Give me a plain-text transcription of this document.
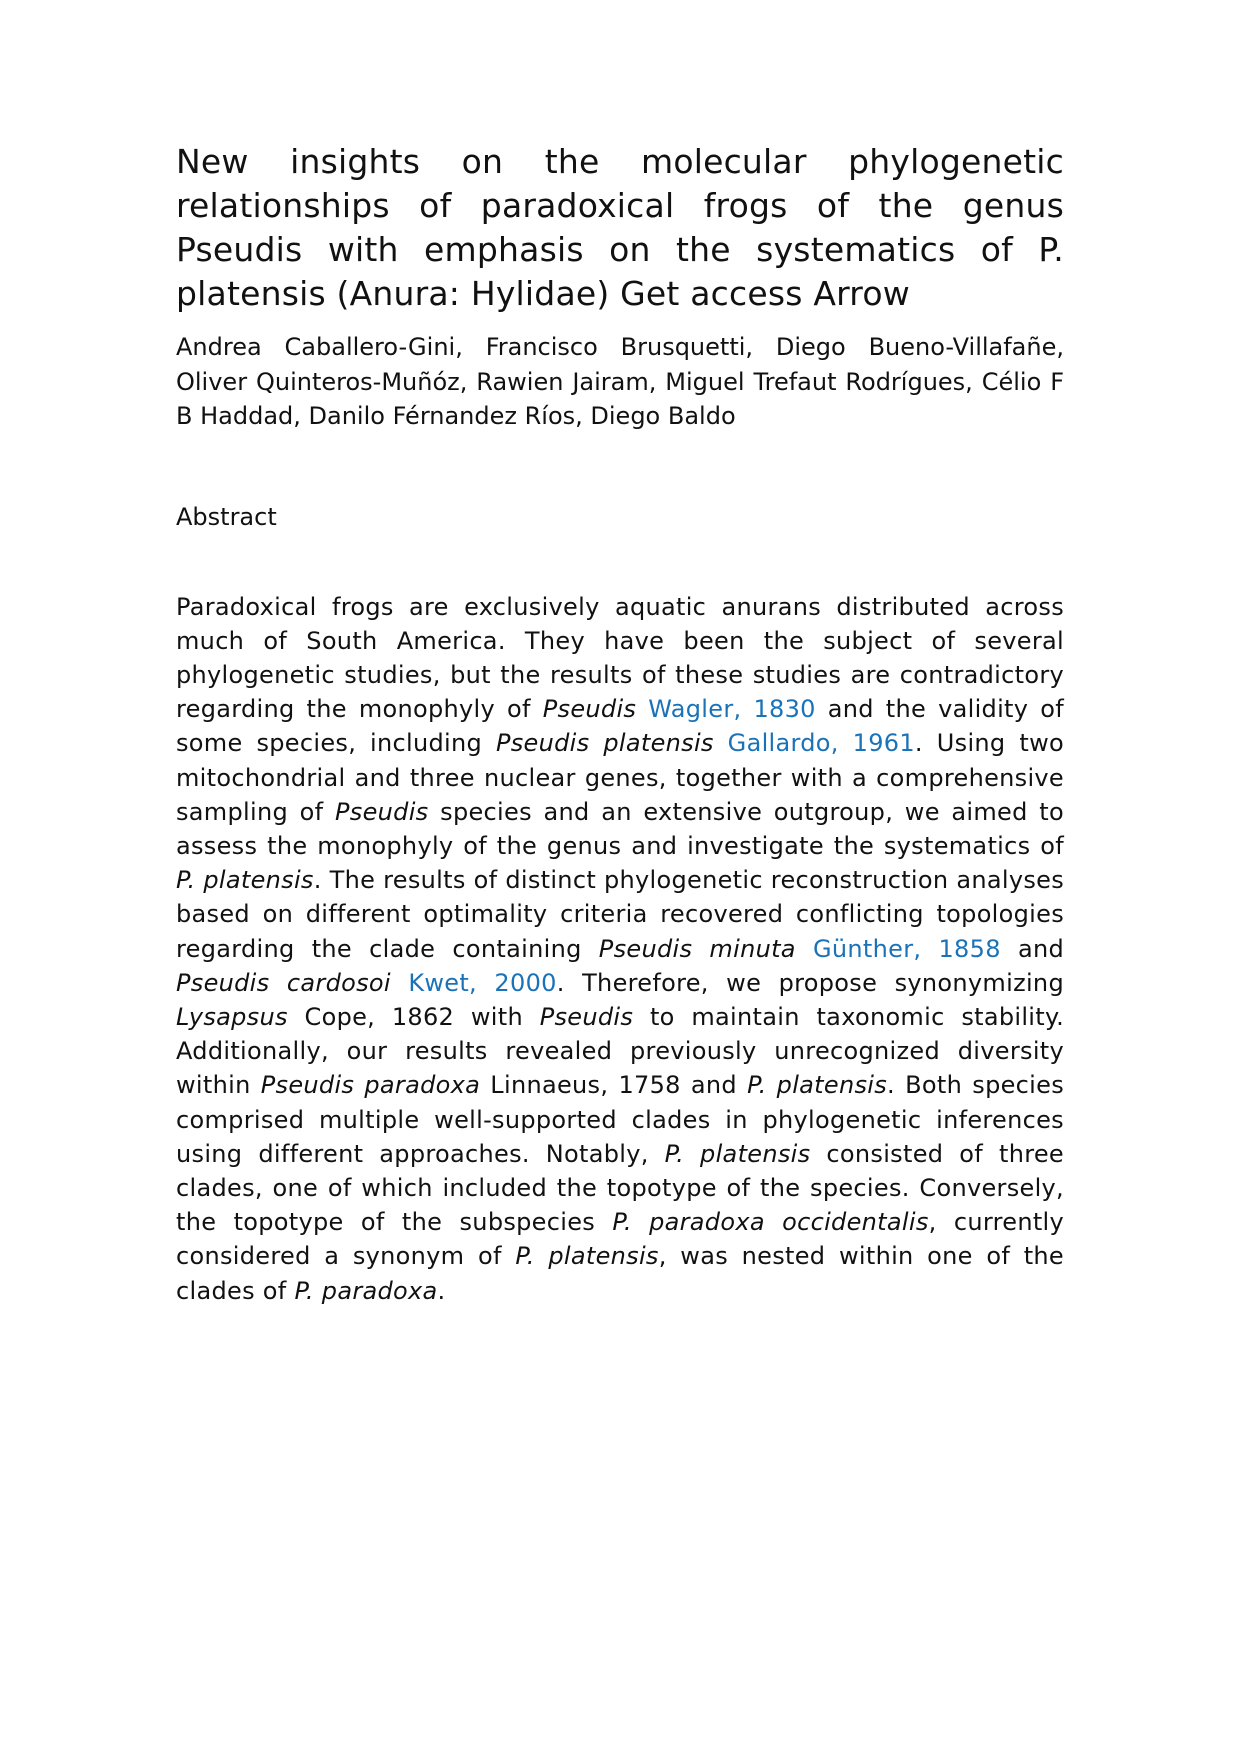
New insights on the molecular phylogenetic relationships of paradoxical frogs of the genus Pseudis with emphasis on the systematics of P. platensis (Anura: Hylidae) Get access Arrow

Andrea Caballero-Gini, Francisco Brusquetti, Diego Bueno-Villafañe, Oliver Quinteros-Muñóz, Rawien Jairam, Miguel Trefaut Rodrígues, Célio F B Haddad, Danilo Férnandez Ríos, Diego Baldo

Abstract

Paradoxical frogs are exclusively aquatic anurans distributed across much of South America. They have been the subject of several phylogenetic studies, but the results of these studies are contradictory regarding the monophyly of Pseudis Wagler, 1830 and the validity of some species, including Pseudis platensis Gallardo, 1961. Using two mitochondrial and three nuclear genes, together with a comprehensive sampling of Pseudis species and an extensive outgroup, we aimed to assess the monophyly of the genus and investigate the systematics of P. platensis. The results of distinct phylogenetic reconstruction analyses based on different optimality criteria recovered conflicting topologies regarding the clade containing Pseudis minuta Günther, 1858 and Pseudis cardosoi Kwet, 2000. Therefore, we propose synonymizing Lysapsus Cope, 1862 with Pseudis to maintain taxonomic stability. Additionally, our results revealed previously unrecognized diversity within Pseudis paradoxa Linnaeus, 1758 and P. platensis. Both species comprised multiple well-supported clades in phylogenetic inferences using different approaches. Notably, P. platensis consisted of three clades, one of which included the topotype of the species. Conversely, the topotype of the subspecies P. paradoxa occidentalis, currently considered a synonym of P. platensis, was nested within one of the clades of P. paradoxa.
